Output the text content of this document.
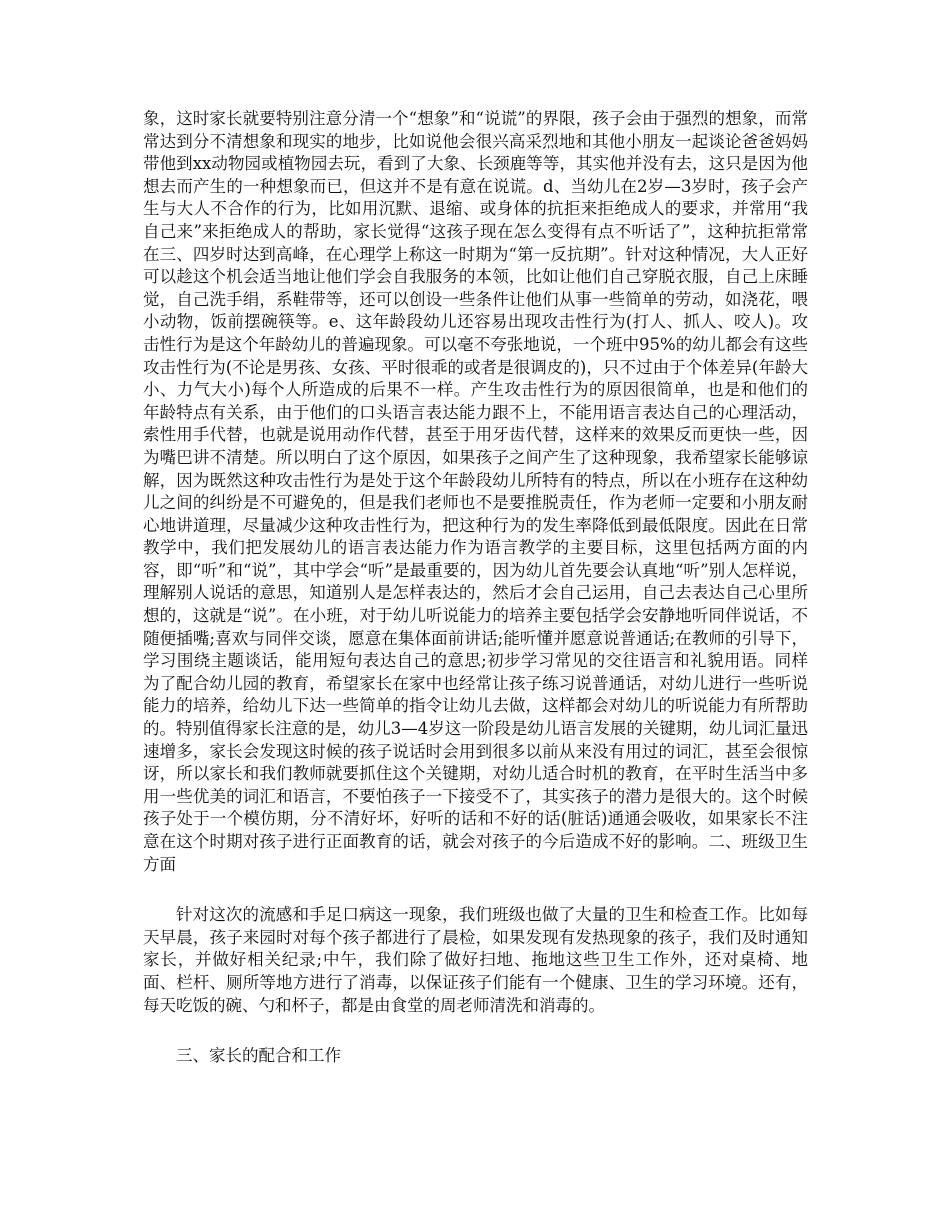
象，这时家长就要特别注意分清一个“想象”和“说谎”的界限，孩子会由于强烈的想象，而常常达到分不清想象和现实的地步，比如说他会很兴高采烈地和其他小朋友一起谈论爸爸妈妈带他到xx动物园或植物园去玩，看到了大象、长颈鹿等等，其实他并没有去，这只是因为他想去而产生的一种想象而已，但这并不是有意在说谎。d、当幼儿在2岁—3岁时，孩子会产生与大人不合作的行为，比如用沉默、退缩、或身体的抗拒来拒绝成人的要求，并常用“我自己来”来拒绝成人的帮助，家长觉得“这孩子现在怎么变得有点不听话了”，这种抗拒常常在三、四岁时达到高峰，在心理学上称这一时期为“第一反抗期”。针对这种情况，大人正好可以趁这个机会适当地让他们学会自我服务的本领，比如让他们自己穿脱衣服，自己上床睡觉，自己洗手绢，系鞋带等，还可以创设一些条件让他们从事一些简单的劳动，如浇花，喂小动物，饭前摆碗筷等。e、这年龄段幼儿还容易出现攻击性行为(打人、抓人、咬人)。攻击性行为是这个年龄幼儿的普遍现象。可以毫不夸张地说，一个班中95%的幼儿都会有这些攻击性行为(不论是男孩、女孩、平时很乖的或者是很调皮的)，只不过由于个体差异(年龄大小、力气大小)每个人所造成的后果不一样。产生攻击性行为的原因很简单，也是和他们的年龄特点有关系，由于他们的口头语言表达能力跟不上，不能用语言表达自己的心理活动，索性用手代替，也就是说用动作代替，甚至于用牙齿代替，这样来的效果反而更快一些，因为嘴巴讲不清楚。所以明白了这个原因，如果孩子之间产生了这种现象，我希望家长能够谅解，因为既然这种攻击性行为是处于这个年龄段幼儿所特有的特点，所以在小班存在这种幼儿之间的纠纷是不可避免的，但是我们老师也不是要推脱责任，作为老师一定要和小朋友耐心地讲道理，尽量减少这种攻击性行为，把这种行为的发生率降低到最低限度。因此在日常教学中，我们把发展幼儿的语言表达能力作为语言教学的主要目标，这里包括两方面的内容，即“听”和“说”，其中学会“听”是最重要的，因为幼儿首先要会认真地“听”别人怎样说，理解别人说话的意思，知道别人是怎样表达的，然后才会自己运用，自己去表达自己心里所想的，这就是“说”。在小班，对于幼儿听说能力的培养主要包括学会安静地听同伴说话，不随便插嘴;喜欢与同伴交谈，愿意在集体面前讲话;能听懂并愿意说普通话;在教师的引导下，学习围绕主题谈话，能用短句表达自己的意思;初步学习常见的交往语言和礼貌用语。同样为了配合幼儿园的教育，希望家长在家中也经常让孩子练习说普通话，对幼儿进行一些听说能力的培养，给幼儿下达一些简单的指令让幼儿去做，这样都会对幼儿的听说能力有所帮助的。特别值得家长注意的是，幼儿3—4岁这一阶段是幼儿语言发展的关键期，幼儿词汇量迅速增多，家长会发现这时候的孩子说话时会用到很多以前从来没有用过的词汇，甚至会很惊讶，所以家长和我们教师就要抓住这个关键期，对幼儿适合时机的教育，在平时生活当中多用一些优美的词汇和语言，不要怕孩子一下接受不了，其实孩子的潜力是很大的。这个时候孩子处于一个模仿期，分不清好坏，好听的话和不好的话(脏话)通通会吸收，如果家长不注意在这个时期对孩子进行正面教育的话，就会对孩子的今后造成不好的影响。二、班级卫生方面

针对这次的流感和手足口病这一现象，我们班级也做了大量的卫生和检查工作。比如每天早晨，孩子来园时对每个孩子都进行了晨检，如果发现有发热现象的孩子，我们及时通知家长，并做好相关纪录;中午，我们除了做好扫地、拖地这些卫生工作外，还对桌椅、地面、栏杆、厕所等地方进行了消毒，以保证孩子们能有一个健康、卫生的学习环境。还有，每天吃饭的碗、勺和杯子，都是由食堂的周老师清洗和消毒的。

三、家长的配合和工作
